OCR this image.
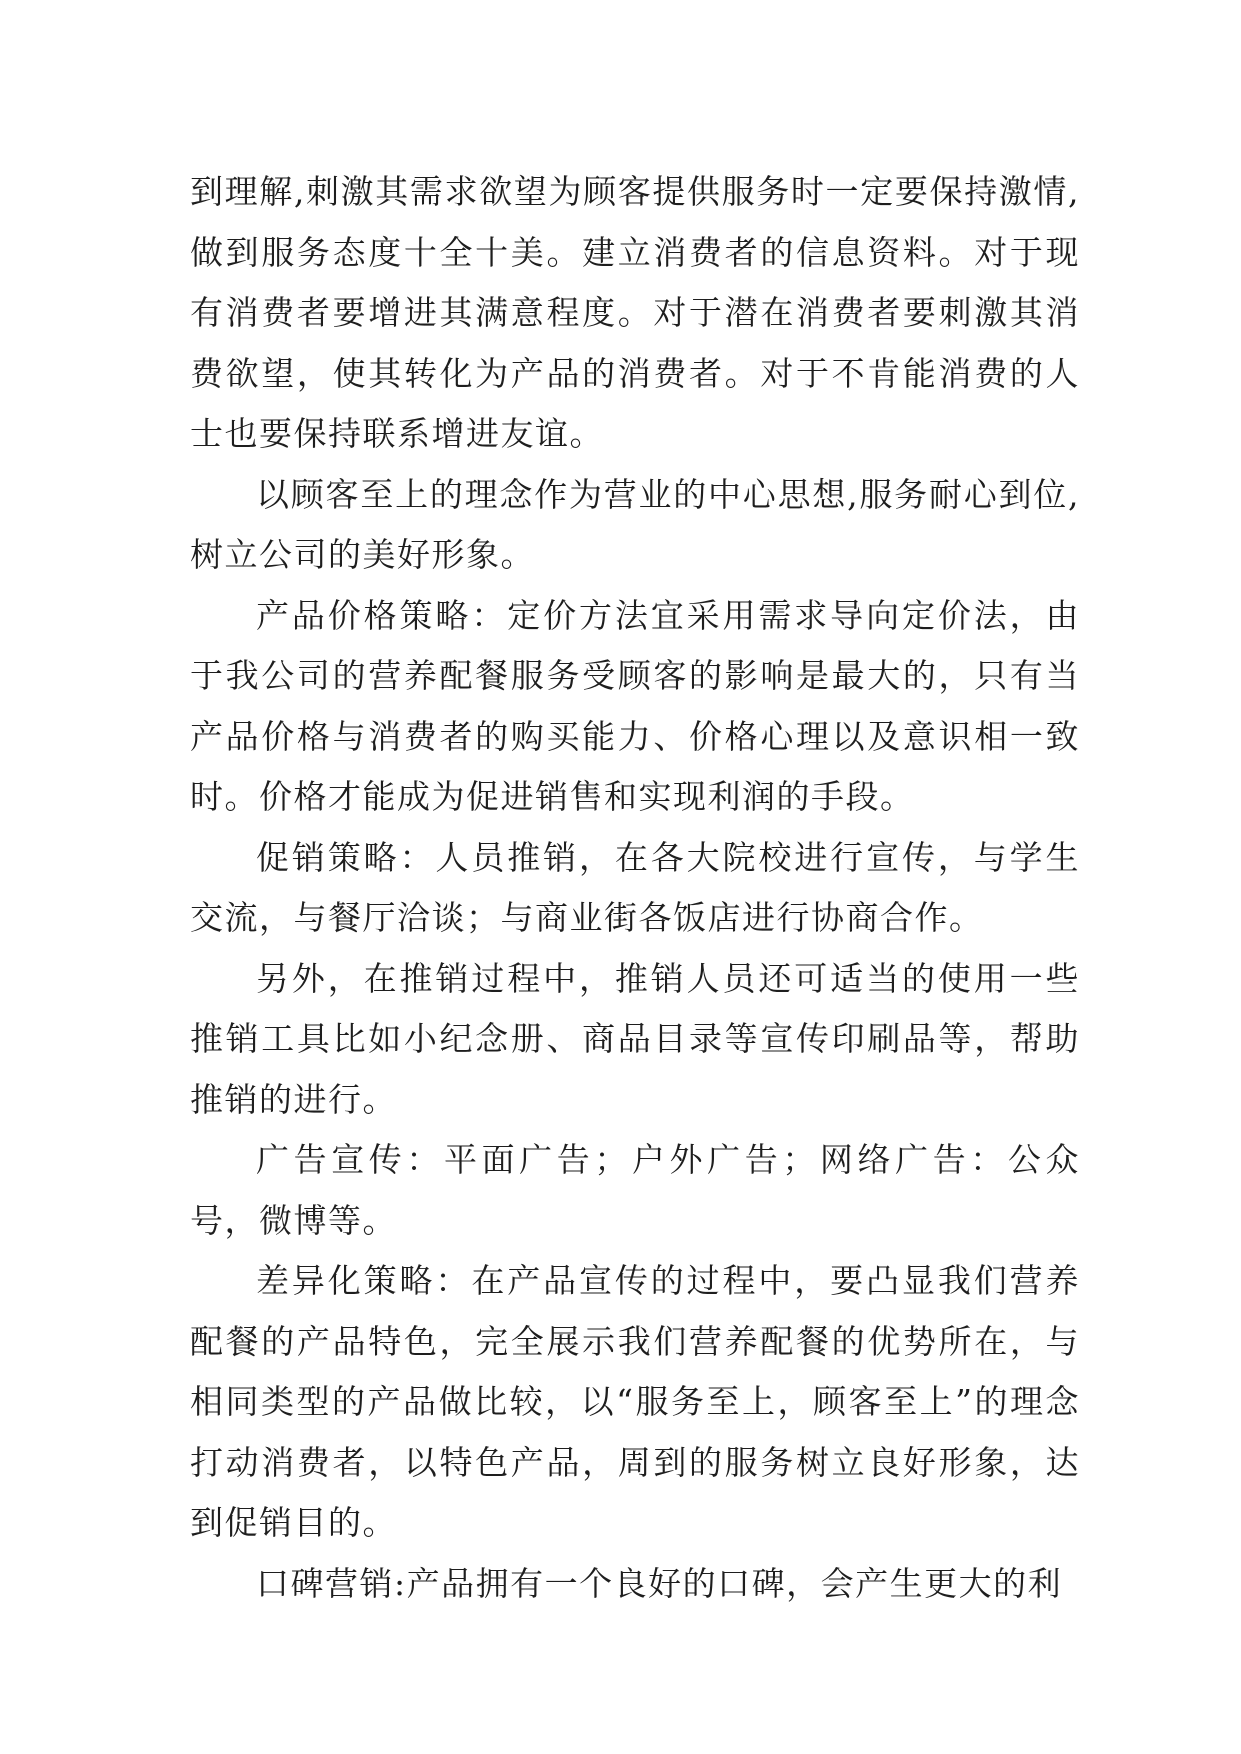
到理解,刺激其需求欲望为顾客提供服务时一定要保持激情,做到服务态度十全十美。建立消费者的信息资料。对于现有消费者要增进其满意程度。对于潜在消费者要刺激其消费欲望，使其转化为产品的消费者。对于不肯能消费的人士也要保持联系增进友谊。

以顾客至上的理念作为营业的中心思想,服务耐心到位,树立公司的美好形象。

产品价格策略：定价方法宜采用需求导向定价法，由于我公司的营养配餐服务受顾客的影响是最大的，只有当产品价格与消费者的购买能力、价格心理以及意识相一致时。价格才能成为促进销售和实现利润的手段。

促销策略：人员推销，在各大院校进行宣传，与学生交流，与餐厅洽谈；与商业街各饭店进行协商合作。

另外，在推销过程中，推销人员还可适当的使用一些推销工具比如小纪念册、商品目录等宣传印刷品等，帮助推销的进行。

广告宣传：平面广告；户外广告；网络广告：公众号，微博等。

差异化策略：在产品宣传的过程中，要凸显我们营养配餐的产品特色，完全展示我们营养配餐的优势所在，与相同类型的产品做比较，以“服务至上，顾客至上”的理念打动消费者，以特色产品，周到的服务树立良好形象，达到促销目的。

口碑营销:产品拥有一个良好的口碑，会产生更大的利
